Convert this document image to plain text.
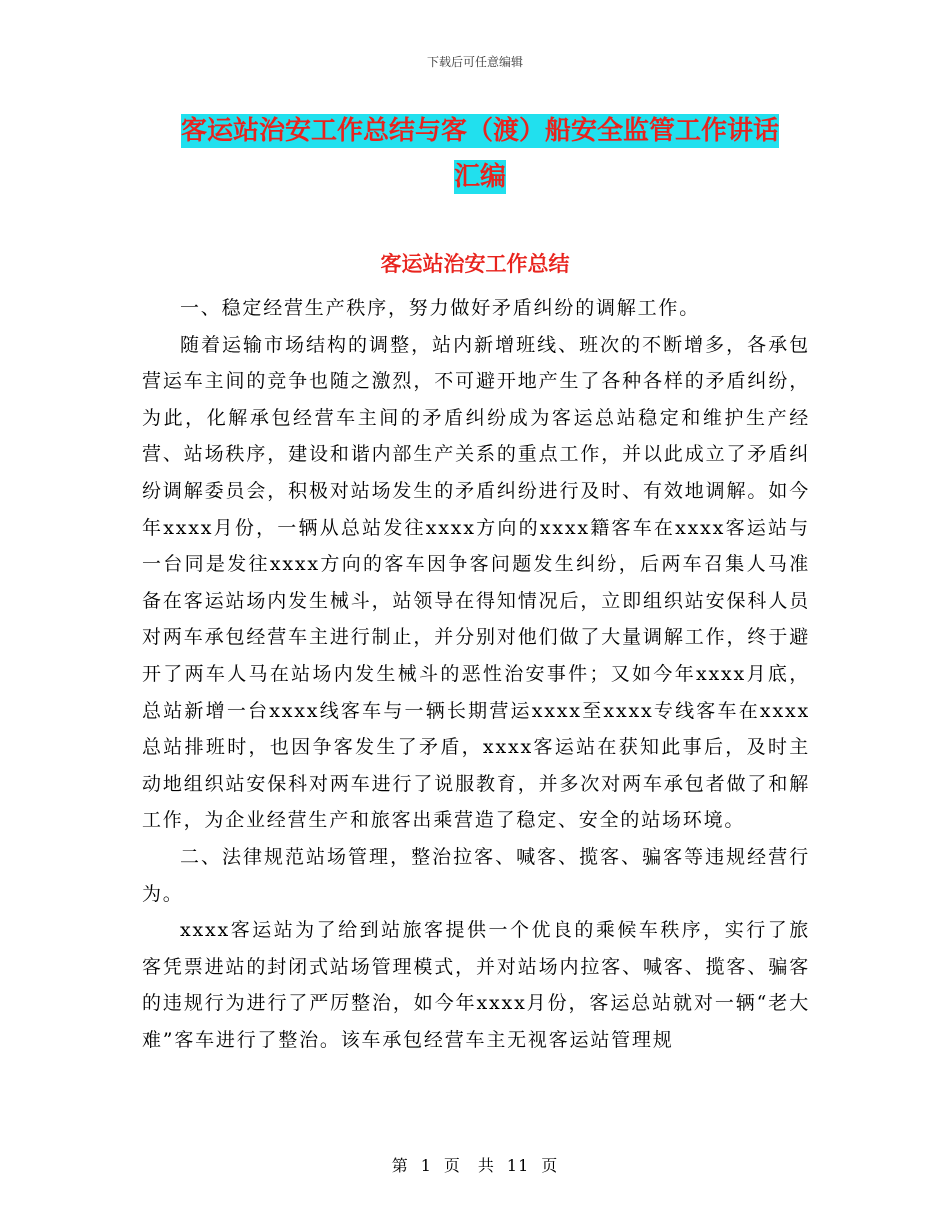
下载后可任意编辑
客运站治安工作总结与客（渡）船安全监管工作讲话
汇编
客运站治安工作总结

一、稳定经营生产秩序，努力做好矛盾纠纷的调解工作。

随着运输市场结构的调整，站内新增班线、班次的不断增多，各承包营运车主间的竞争也随之激烈，不可避开地产生了各种各样的矛盾纠纷，为此，化解承包经营车主间的矛盾纠纷成为客运总站稳定和维护生产经营、站场秩序，建设和谐内部生产关系的重点工作，并以此成立了矛盾纠纷调解委员会，积极对站场发生的矛盾纠纷进行及时、有效地调解。如今年xxxx月份，一辆从总站发往xxxx方向的xxxx籍客车在xxxx客运站与一台同是发往xxxx方向的客车因争客问题发生纠纷，后两车召集人马准备在客运站场内发生械斗，站领导在得知情况后，立即组织站安保科人员对两车承包经营车主进行制止，并分别对他们做了大量调解工作，终于避开了两车人马在站场内发生械斗的恶性治安事件；又如今年xxxx月底，总站新增一台xxxx线客车与一辆长期营运xxxx至xxxx专线客车在xxxx总站排班时，也因争客发生了矛盾，xxxx客运站在获知此事后，及时主动地组织站安保科对两车进行了说服教育，并多次对两车承包者做了和解工作，为企业经营生产和旅客出乘营造了稳定、安全的站场环境。

二、法律规范站场管理，整治拉客、喊客、揽客、骗客等违规经营行为。

xxxx客运站为了给到站旅客提供一个优良的乘候车秩序，实行了旅客凭票进站的封闭式站场管理模式，并对站场内拉客、喊客、揽客、骗客的违规行为进行了严厉整治，如今年xxxx月份，客运总站就对一辆“老大难”客车进行了整治。该车承包经营车主无视客运站管理规

第 1 页　共 11 页
